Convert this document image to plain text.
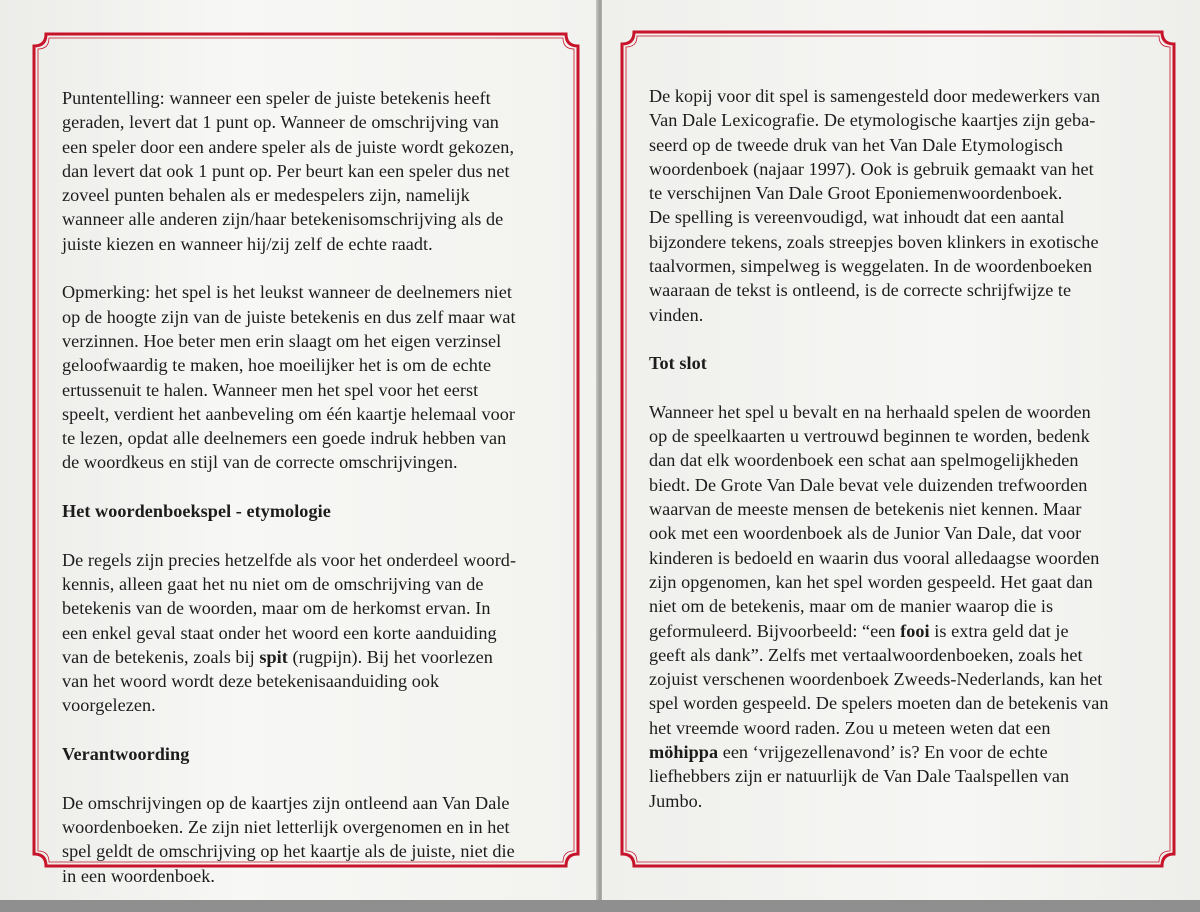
Puntentelling: wanneer een speler de juiste betekenis heeft
geraden, levert dat 1 punt op. Wanneer de omschrijving van
een speler door een andere speler als de juiste wordt gekozen,
dan levert dat ook 1 punt op. Per beurt kan een speler dus net
zoveel punten behalen als er medespelers zijn, namelijk
wanneer alle anderen zijn/haar betekenisomschrijving als de
juiste kiezen en wanneer hij/zij zelf de echte raadt.

Opmerking: het spel is het leukst wanneer de deelnemers niet
op de hoogte zijn van de juiste betekenis en dus zelf maar wat
verzinnen. Hoe beter men erin slaagt om het eigen verzinsel
geloofwaardig te maken, hoe moeilijker het is om de echte
ertussenuit te halen. Wanneer men het spel voor het eerst
speelt, verdient het aanbeveling om één kaartje helemaal voor
te lezen, opdat alle deelnemers een goede indruk hebben van
de woordkeus en stijl van de correcte omschrijvingen.

Het woordenboekspel - etymologie

De regels zijn precies hetzelfde als voor het onderdeel woord-
kennis, alleen gaat het nu niet om de omschrijving van de
betekenis van de woorden, maar om de herkomst ervan. In
een enkel geval staat onder het woord een korte aanduiding
van de betekenis, zoals bij spit (rugpijn). Bij het voorlezen
van het woord wordt deze betekenisaanduiding ook
voorgelezen.

Verantwoording

De omschrijvingen op de kaartjes zijn ontleend aan Van Dale
woordenboeken. Ze zijn niet letterlijk overgenomen en in het
spel geldt de omschrijving op het kaartje als de juiste, niet die
in een woordenboek.

De kopij voor dit spel is samengesteld door medewerkers van
Van Dale Lexicografie. De etymologische kaartjes zijn geba-
seerd op de tweede druk van het Van Dale Etymologisch
woordenboek (najaar 1997). Ook is gebruik gemaakt van het
te verschijnen Van Dale Groot Eponiemenwoordenboek.
De spelling is vereenvoudigd, wat inhoudt dat een aantal
bijzondere tekens, zoals streepjes boven klinkers in exotische
taalvormen, simpelweg is weggelaten. In de woordenboeken
waaraan de tekst is ontleend, is de correcte schrijfwijze te
vinden.

Tot slot

Wanneer het spel u bevalt en na herhaald spelen de woorden
op de speelkaarten u vertrouwd beginnen te worden, bedenk
dan dat elk woordenboek een schat aan spelmogelijkheden
biedt. De Grote Van Dale bevat vele duizenden trefwoorden
waarvan de meeste mensen de betekenis niet kennen. Maar
ook met een woordenboek als de Junior Van Dale, dat voor
kinderen is bedoeld en waarin dus vooral alledaagse woorden
zijn opgenomen, kan het spel worden gespeeld. Het gaat dan
niet om de betekenis, maar om de manier waarop die is
geformuleerd. Bijvoorbeeld: “een fooi is extra geld dat je
geeft als dank”. Zelfs met vertaalwoordenboeken, zoals het
zojuist verschenen woordenboek Zweeds-Nederlands, kan het
spel worden gespeeld. De spelers moeten dan de betekenis van
het vreemde woord raden. Zou u meteen weten dat een
möhippa een ‘vrijgezellenavond’ is? En voor de echte
liefhebbers zijn er natuurlijk de Van Dale Taalspellen van
Jumbo.
